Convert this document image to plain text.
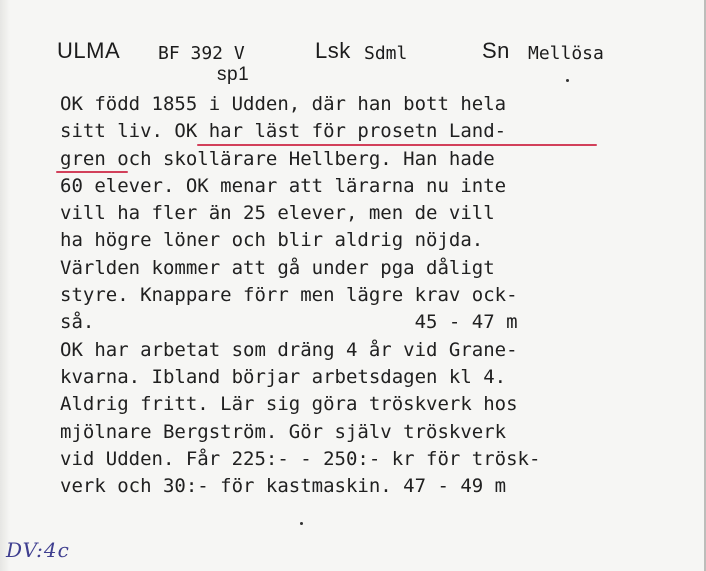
ULMA BF 392 V	Lsk Sdml	Sn Mellösa
sp1
OK född 1855 i Udden, där han bott hela
sitt liv. OK har läst för prosetn Land-
gren och skollärare Hellberg. Han hade
60 elever. OK menar att lärarna nu inte
vill ha fler än 25 elever, men de vill
ha högre löner och blir aldrig nöjda.
Världen kommer att gå under pga dåligt
styre. Knappare förr men lägre krav ock-
så.                            45 - 47 m
OK har arbetat som dräng 4 år vid Grane-
kvarna. Ibland börjar arbetsdagen kl 4.
Aldrig fritt. Lär sig göra tröskverk hos
mjölnare Bergström. Gör själv tröskverk
vid Udden. Får 225:- - 250:- kr för trösk-
verk och 30:- för kastmaskin. 47 - 49 m
DV:4c
